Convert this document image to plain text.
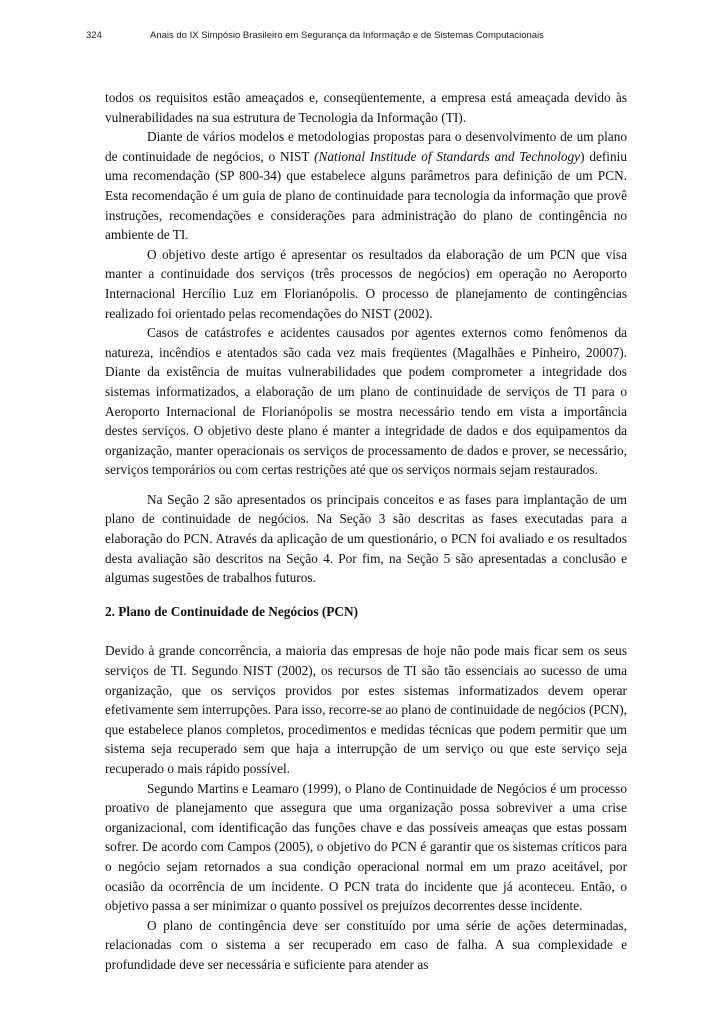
324	Anais do IX Simpósio Brasileiro em Segurança da Informação e de Sistemas Computacionais

todos os requisitos estão ameaçados e, conseqüentemente, a empresa está ameaçada devido às vulnerabilidades na sua estrutura de Tecnologia da Informação (TI).

Diante de vários modelos e metodologias propostas para o desenvolvimento de um plano de continuidade de negócios, o NIST (National Institude of Standards and Technology) definiu uma recomendação (SP 800-34) que estabelece alguns parâmetros para definição de um PCN. Esta recomendação é um guia de plano de continuidade para tecnologia da informação que provê instruções, recomendações e considerações para administração do plano de contingência no ambiente de TI.

O objetivo deste artigo é apresentar os resultados da elaboração de um PCN que visa manter a continuidade dos serviços (três processos de negócios) em operação no Aeroporto Internacional Hercílio Luz em Florianópolis. O processo de planejamento de contingências realizado foi orientado pelas recomendações do NIST (2002).

Casos de catástrofes e acidentes causados por agentes externos como fenômenos da natureza, incêndios e atentados são cada vez mais freqüentes (Magalhães e Pinheiro, 20007). Diante da existência de muitas vulnerabilidades que podem comprometer a integridade dos sistemas informatizados, a elaboração de um plano de continuidade de serviços de TI para o Aeroporto Internacional de Florianópolis se mostra necessário tendo em vista a importância destes serviços. O objetivo deste plano é manter a integridade de dados e dos equipamentos da organização, manter operacionais os serviços de processamento de dados e prover, se necessário, serviços temporários ou com certas restrições até que os serviços normais sejam restaurados.

Na Seção 2 são apresentados os principais conceitos e as fases para implantação de um plano de continuidade de negócios. Na Seção 3 são descritas as fases executadas para a elaboração do PCN. Através da aplicação de um questionário, o PCN foi avaliado e os resultados desta avaliação são descritos na Seção 4. Por fim, na Seção 5 são apresentadas a conclusão e algumas sugestões de trabalhos futuros.

2. Plano de Continuidade de Negócios (PCN)

Devido à grande concorrência, a maioria das empresas de hoje não pode mais ficar sem os seus serviços de TI. Segundo NIST (2002), os recursos de TI são tão essenciais ao sucesso de uma organização, que os serviços providos por estes sistemas informatizados devem operar efetivamente sem interrupções. Para isso, recorre-se ao plano de continuidade de negócios (PCN), que estabelece planos completos, procedimentos e medidas técnicas que podem permitir que um sistema seja recuperado sem que haja a interrupção de um serviço ou que este serviço seja recuperado o mais rápido possível.

Segundo Martins e Leamaro (1999), o Plano de Continuidade de Negócios é um processo proativo de planejamento que assegura que uma organização possa sobreviver a uma crise organizacional, com identificação das funções chave e das possíveis ameaças que estas possam sofrer. De acordo com Campos (2005), o objetivo do PCN é garantir que os sistemas críticos para o negócio sejam retornados a sua condição operacional normal em um prazo aceitável, por ocasião da ocorrência de um incidente. O PCN trata do incidente que já aconteceu. Então, o objetivo passa a ser minimizar o quanto possível os prejuízos decorrentes desse incidente.

O plano de contingência deve ser constituído por uma série de ações determinadas, relacionadas com o sistema a ser recuperado em caso de falha. A sua complexidade e profundidade deve ser necessária e suficiente para atender as
